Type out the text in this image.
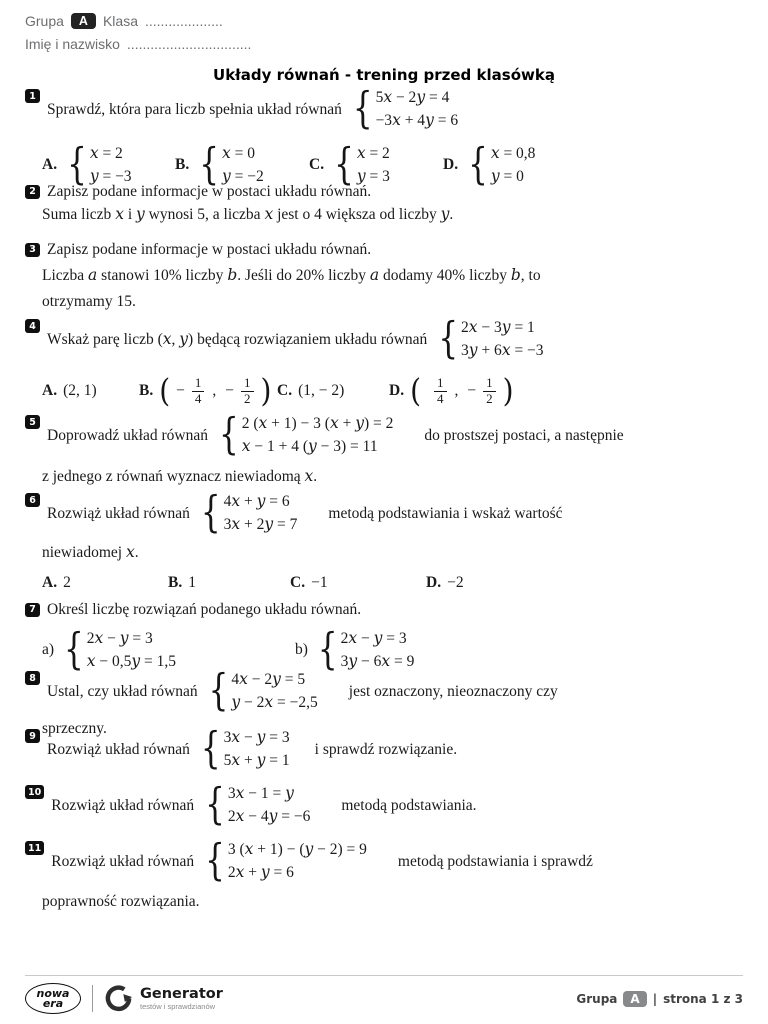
Grupa	A	Klasa ....................
Imię i nazwisko ................................
Układy równań - trening przed klasówką
1
Sprawdź, która para liczb spełnia układ równań { 5x − 2y = 4
−3x + 4y = 6
A. { x = 2
y = −3
B. { x = 0
y = −2
C. { x = 2
y = 3
D. { x = 0,8
y = 0
2 Zapisz podane informacje w postaci układu równań.
Suma liczb x i y wynosi 5, a liczba x jest o 4 większa od liczby y.
3 Zapisz podane informacje w postaci układu równań.
Liczba a stanowi 10% liczby b. Jeśli do 20% liczby a dodamy 40% liczby b, to
otrzymamy 15.
4
Wskaż parę liczb (x, y) będącą rozwiązaniem układu równań { 2x − 3y = 1
3y + 6x = −3
A. (2, 1)	B. ( − $\frac{1}{4}$ , − $\frac{1}{2}$ ) C. (1, − 2)	D. ( $\frac{1}{4}$ , − $\frac{1}{2}$ )
5
Doprowadź układ równań { 2 (x + 1) − 3 (x + y) = 2
x − 1 + 4 (y − 3) = 11
do prostszej postaci, a następnie
z jednego z równań wyznacz niewiadomą x.
6
Rozwiąż układ równań { 4x + y = 6
3x + 2y = 7
metodą podstawiania i wskaż wartość
niewiadomej x.
A. 2	B. 1	C. −1	D. −2
7 Określ liczbę rozwiązań podanego układu równań.
a) { 2x − y = 3
x − 0,5y = 1,5
b) { 2x − y = 3
3y − 6x = 9
8
Ustal, czy układ równań { 4x − 2y = 5
y − 2x = −2,5
jest oznaczony, nieoznaczony czy
sprzeczny.
9
Rozwiąż układ równań { 3x − y = 3
5x + y = 1
i sprawdź rozwiązanie.
10
Rozwiąż układ równań { 3x − 1 = y
2x − 4y = −6
metodą podstawiania.
11
Rozwiąż układ równań { 3 (x + 1) − (y − 2) = 9
2x + y = 6
metodą podstawiania i sprawdź
poprawność rozwiązania.
nowa
era
Generator
testów i sprawdzianów
Grupa	A	| strona 1 z 3
